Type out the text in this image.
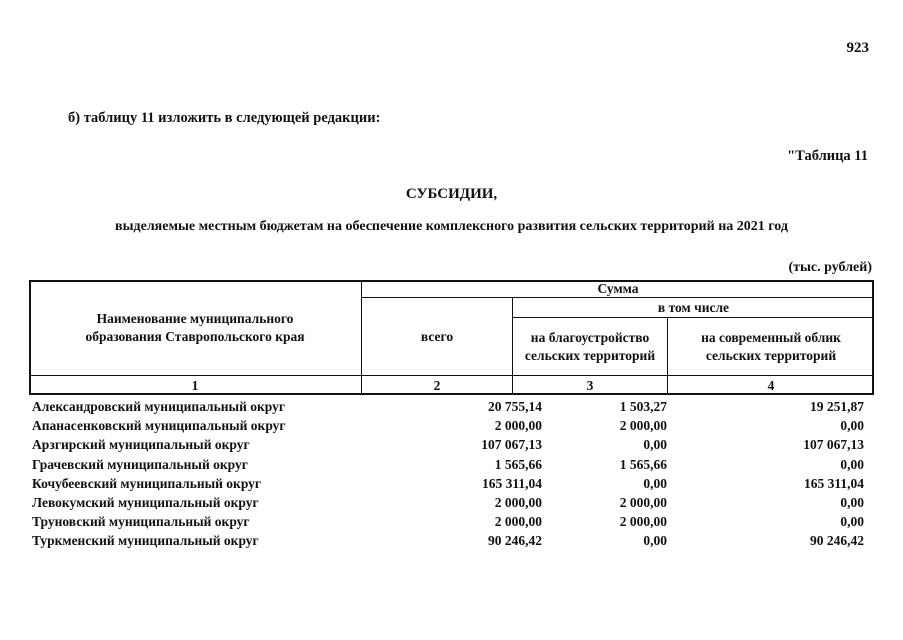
923
б) таблицу 11 изложить в следующей редакции:
"Таблица 11
СУБСИДИИ,
выделяемые местным бюджетам на обеспечение комплексного развития сельских территорий на 2021 год
(тыс. рублей)
Наименование муниципального образования Ставропольского края
Сумма
всего
в том числе
на благоустройство сельских территорий
на современный облик сельских территорий
1	2	3	4
Александровский муниципальный округ	20 755,14	1 503,27	19 251,87
Апанасенковский муниципальный округ	2 000,00	2 000,00	0,00
Арзгирский муниципальный округ	107 067,13	0,00	107 067,13
Грачевский муниципальный округ	1 565,66	1 565,66	0,00
Кочубеевский муниципальный округ	165 311,04	0,00	165 311,04
Левокумский муниципальный округ	2 000,00	2 000,00	0,00
Труновский муниципальный округ	2 000,00	2 000,00	0,00
Туркменский муниципальный округ	90 246,42	0,00	90 246,42
